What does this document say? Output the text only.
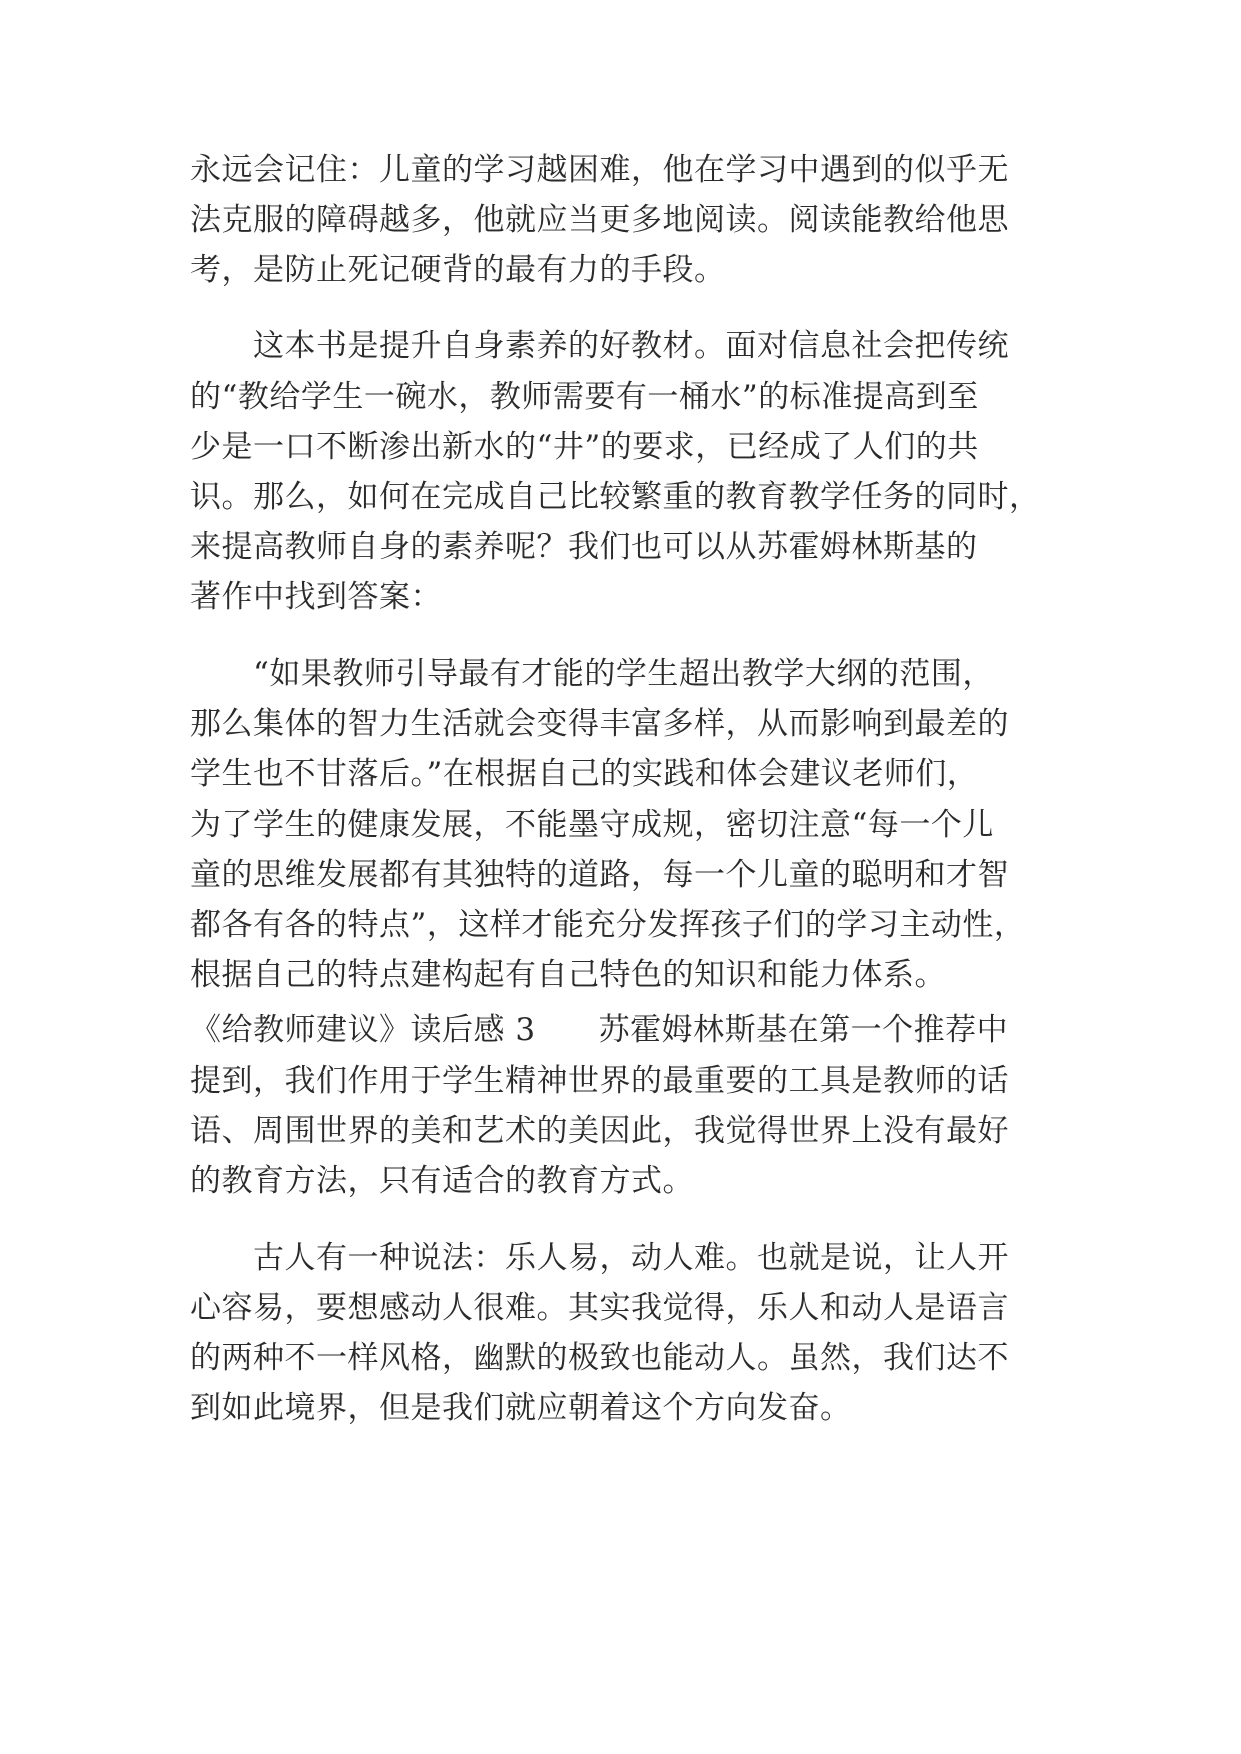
永远会记住：儿童的学习越困难，他在学习中遇到的似乎无
法克服的障碍越多，他就应当更多地阅读。阅读能教给他思
考，是防止死记硬背的最有力的手段。
　　这本书是提升自身素养的好教材。面对信息社会把传统
的“教给学生一碗水，教师需要有一桶水”的标准提高到至
少是一口不断渗出新水的“井”的要求，已经成了人们的共
识。那么，如何在完成自己比较繁重的教育教学任务的同时，
来提高教师自身的素养呢？我们也可以从苏霍姆林斯基的
著作中找到答案：
　　“如果教师引导最有才能的学生超出教学大纲的范围，
那么集体的智力生活就会变得丰富多样，从而影响到最差的
学生也不甘落后。”在根据自己的实践和体会建议老师们，
为了学生的健康发展，不能墨守成规，密切注意“每一个儿
童的思维发展都有其独特的道路，每一个儿童的聪明和才智
都各有各的特点”，这样才能充分发挥孩子们的学习主动性，
根据自己的特点建构起有自己特色的知识和能力体系。
《给教师建议》读后感 3　　苏霍姆林斯基在第一个推荐中
提到，我们作用于学生精神世界的最重要的工具是教师的话
语、周围世界的美和艺术的美因此，我觉得世界上没有最好
的教育方法，只有适合的教育方式。
　　古人有一种说法：乐人易，动人难。也就是说，让人开
心容易，要想感动人很难。其实我觉得，乐人和动人是语言
的两种不一样风格，幽默的极致也能动人。虽然，我们达不
到如此境界，但是我们就应朝着这个方向发奋。
